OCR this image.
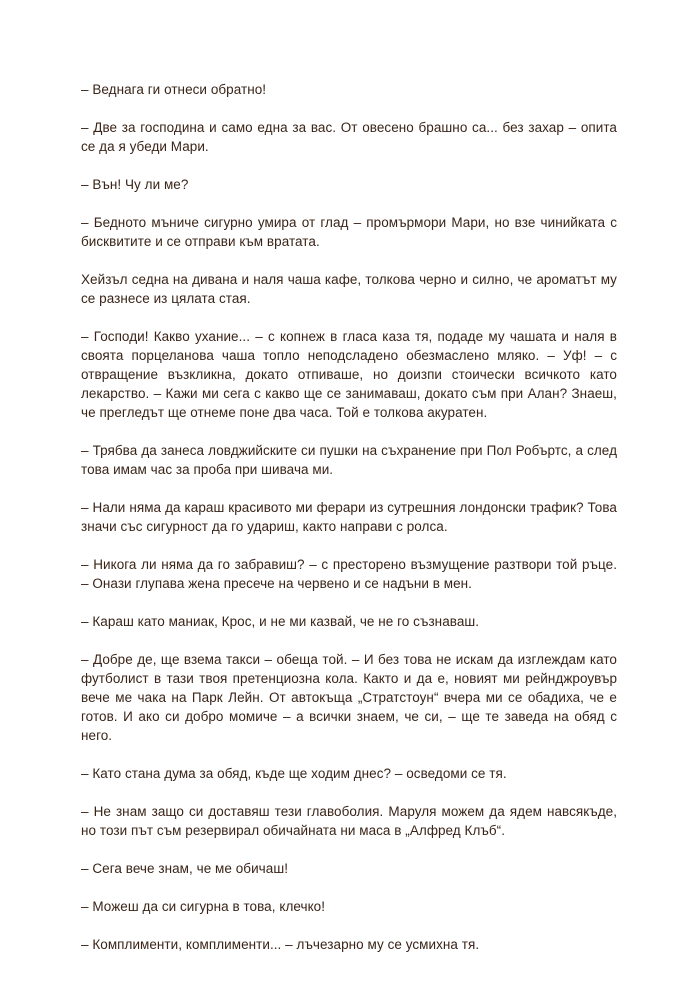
– Веднага ги отнеси обратно!

– Две за господина и само една за вас. От овесено брашно са... без захар – опита се да я убеди Мари.

– Вън! Чу ли ме?

– Бедното мъниче сигурно умира от глад – промърмори Мари, но взе чинийката с бисквитите и се отправи към вратата.

Хейзъл седна на дивана и наля чаша кафе, толкова черно и силно, че ароматът му се разнесе из цялата стая.

– Господи! Какво ухание... – с копнеж в гласа каза тя, подаде му чашата и наля в своята порцеланова чаша топло неподсладено обезмаслено мляко. – Уф! – с отвращение възкликна, докато отпиваше, но доизпи стоически всичкото като лекарство. – Кажи ми сега с какво ще се занимаваш, докато съм при Алан? Знаеш, че прегледът ще отнеме поне два часа. Той е толкова акуратен.

– Трябва да занеса ловджийските си пушки на съхранение при Пол Робъртс, а след това имам час за проба при шивача ми.

– Нали няма да караш красивото ми ферари из сутрешния лондонски трафик? Това значи със сигурност да го удариш, както направи с ролса.

– Никога ли няма да го забравиш? – с престорено възмущение разтвори той ръце. – Онази глупава жена пресече на червено и се надъни в мен.

– Караш като маниак, Крос, и не ми казвай, че не го съзнаваш.

– Добре де, ще взема такси – обеща той. – И без това не искам да изглеждам като футболист в тази твоя претенциозна кола. Както и да е, новият ми рейнджроувър вече ме чака на Парк Лейн. От автокъща „Стратстоун“ вчера ми се обадиха, че е готов. И ако си добро момиче – а всички знаем, че си, – ще те заведа на обяд с него.

– Като стана дума за обяд, къде ще ходим днес? – осведоми се тя.

– Не знам защо си доставяш тези главоболия. Маруля можем да ядем навсякъде, но този път съм резервирал обичайната ни маса в „Алфред Клъб“.

– Сега вече знам, че ме обичаш!

– Можеш да си сигурна в това, клечко!

– Комплименти, комплименти... – лъчезарно му се усмихна тя.
